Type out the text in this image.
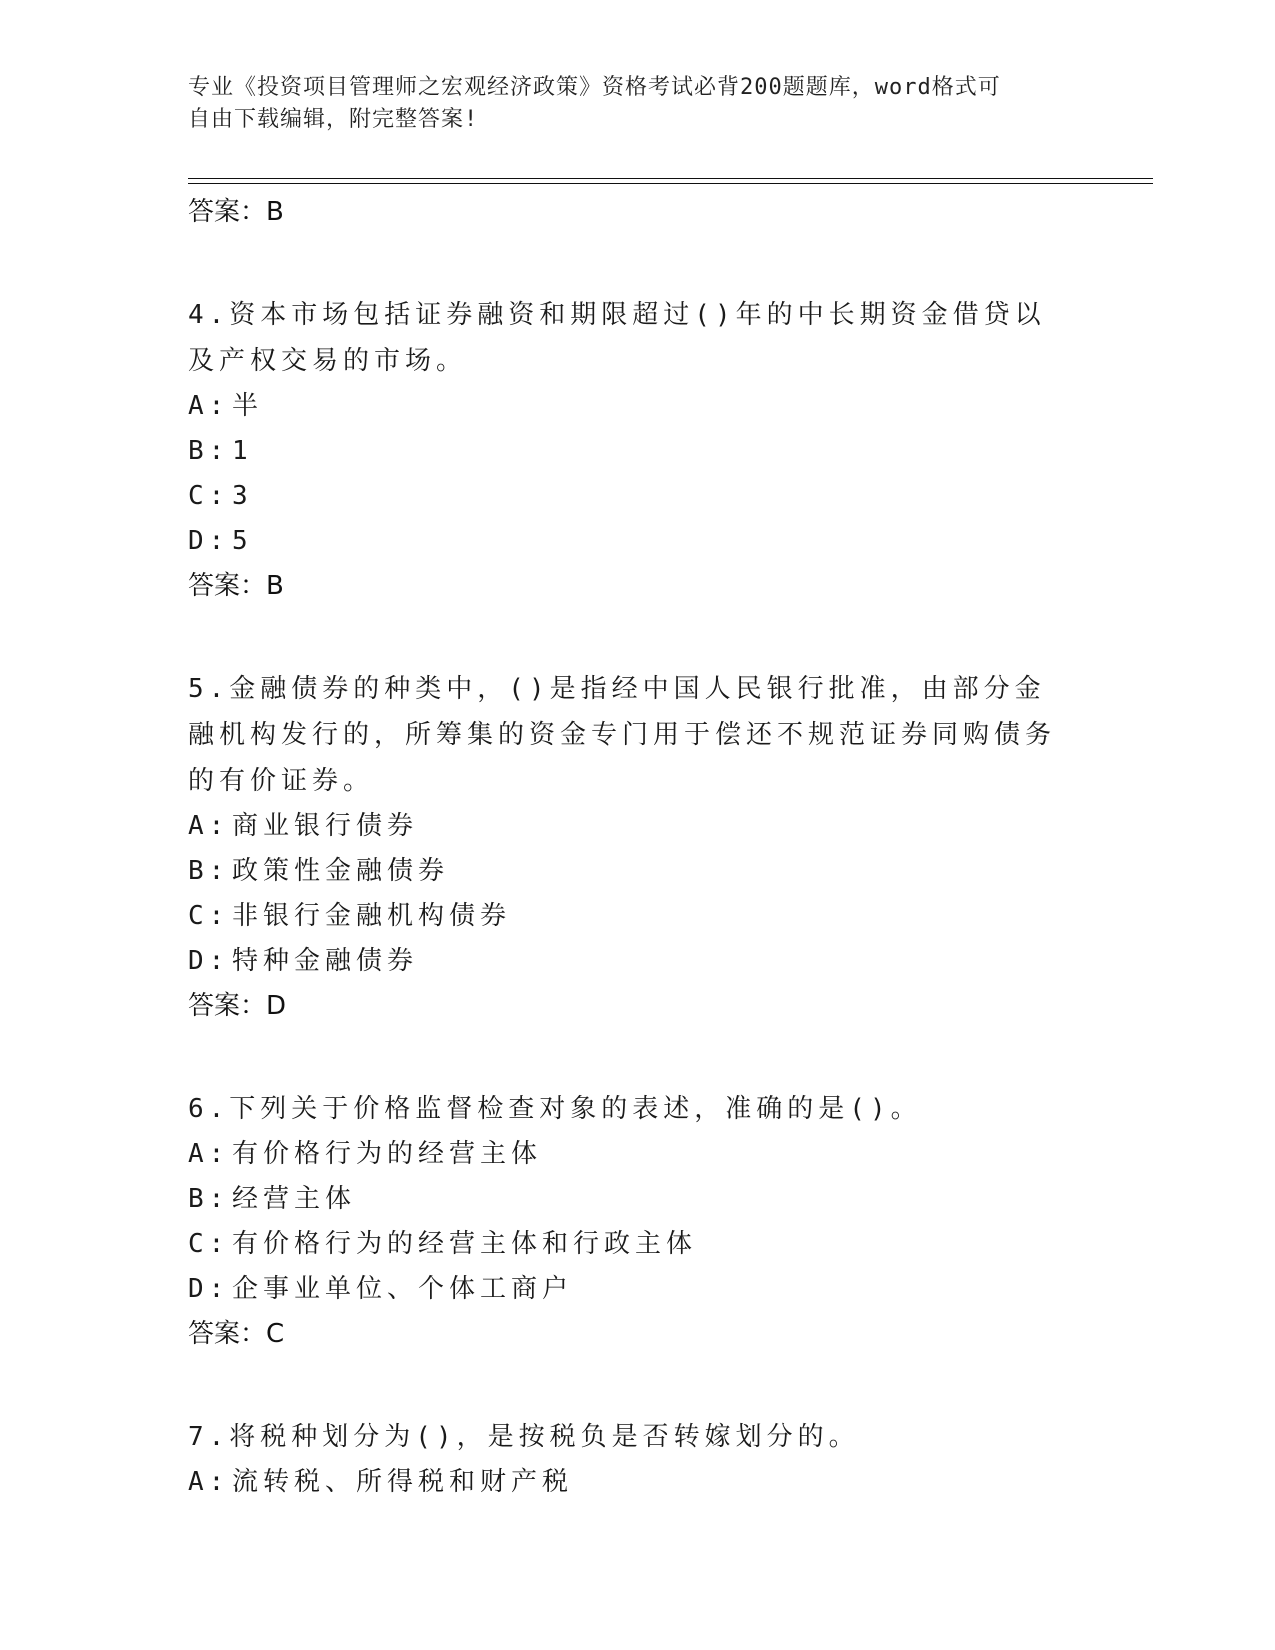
专业《投资项目管理师之宏观经济政策》资格考试必背200题题库，word格式可
自由下载编辑，附完整答案!
答案：B
4.资本市场包括证券融资和期限超过()年的中长期资金借贷以及产权交易的市场。
A: 半
B: 1
C: 3
D: 5
答案：B
5.金融债券的种类中，()是指经中国人民银行批准，由部分金融机构发行的，所筹集的资金专门用于偿还不规范证券同购债务的有价证券。
A: 商业银行债券
B: 政策性金融债券
C: 非银行金融机构债券
D: 特种金融债券
答案：D
6.下列关于价格监督检查对象的表述，准确的是()。
A: 有价格行为的经营主体
B: 经营主体
C: 有价格行为的经营主体和行政主体
D: 企事业单位、个体工商户
答案：C
7.将税种划分为()，是按税负是否转嫁划分的。
A: 流转税、所得税和财产税
